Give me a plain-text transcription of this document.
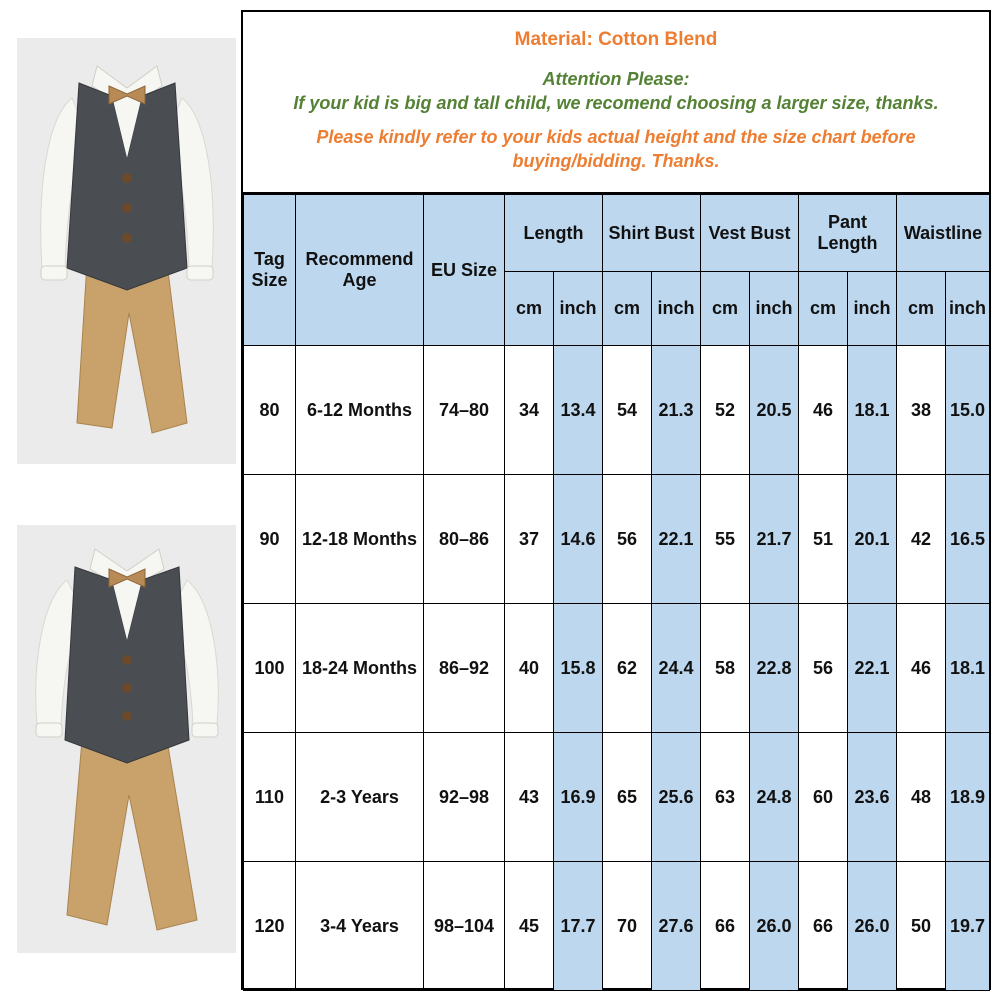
Material: Cotton Blend
Attention Please:
If your kid is big and tall child, we recomend choosing a larger size, thanks.
Please kindly refer to your kids actual height and the size chart before
buying/bidding. Thanks.
Tag Size	Recommend Age	EU Size	Length		Shirt Bust		Vest Bust		Pant Length		Waistline	
			cm	inch	cm	inch	cm	inch	cm	inch	cm	inch
80	6-12 Months	74–80	34	13.4	54	21.3	52	20.5	46	18.1	38	15.0
90	12-18 Months	80–86	37	14.6	56	22.1	55	21.7	51	20.1	42	16.5
100	18-24 Months	86–92	40	15.8	62	24.4	58	22.8	56	22.1	46	18.1
110	2-3 Years	92–98	43	16.9	65	25.6	63	24.8	60	23.6	48	18.9
120	3-4 Years	98–104	45	17.7	70	27.6	66	26.0	66	26.0	50	19.7
